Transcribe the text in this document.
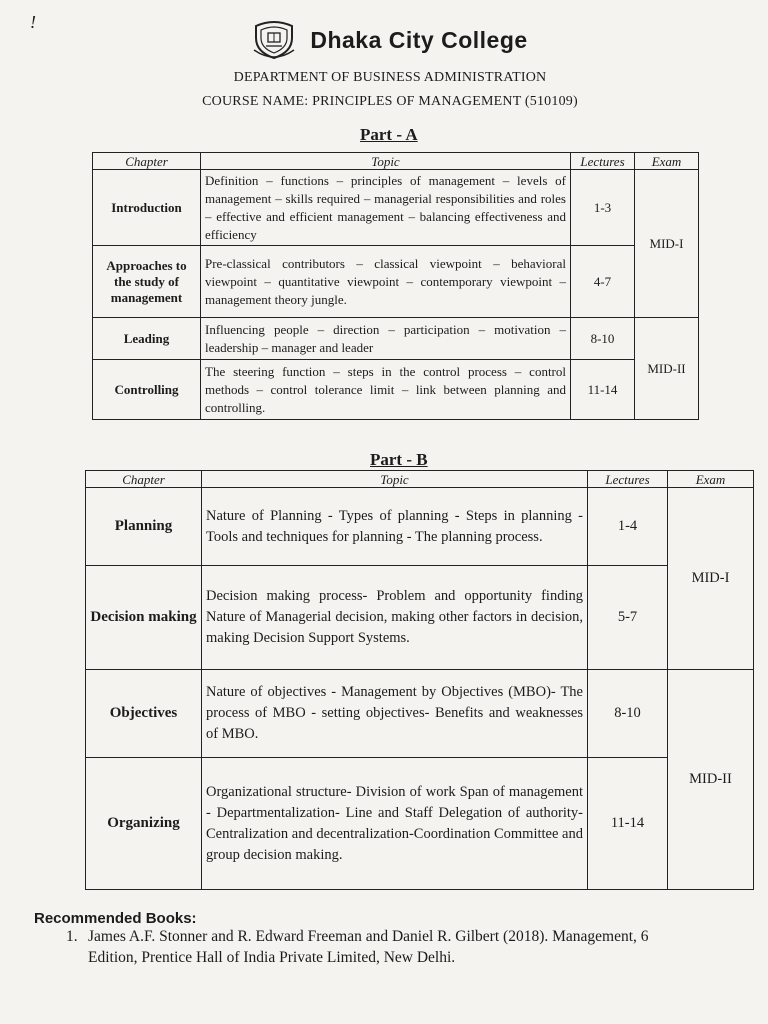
!
Dhaka City College
DEPARTMENT OF BUSINESS ADMINISTRATION
COURSE NAME: PRINCIPLES OF MANAGEMENT (510109)
Part - A
Chapter	Topic	Lectures	Exam
Introduction	Definition – functions – principles of management – levels of management – skills required – managerial responsibilities and roles – effective and efficient management – balancing effectiveness and efficiency	1-3	MID-I
Approaches to the study of management	Pre-classical contributors – classical viewpoint – behavioral viewpoint – quantitative viewpoint – contemporary viewpoint – management theory jungle.	4-7	
Leading	Influencing people – direction – participation – motivation – leadership – manager and leader	8-10	MID-II
Controlling	The steering function – steps in the control process – control methods – control tolerance limit – link between planning and controlling.	11-14	
Part - B
Chapter	Topic	Lectures	Exam
Planning	Nature of Planning - Types of planning - Steps in planning - Tools and techniques for planning - The planning process.	1-4	MID-I
Decision making	Decision making process- Problem and opportunity finding Nature of Managerial decision, making other factors in decision, making Decision Support Systems.	5-7	
Objectives	Nature of objectives - Management by Objectives (MBO)- The process of MBO - setting objectives- Benefits and weaknesses of MBO.	8-10	MID-II
Organizing	Organizational structure- Division of work Span of management - Departmentalization- Line and Staff Delegation of authority- Centralization and decentralization-Coordination Committee and group decision making.	11-14	
Recommended Books:
1. James A.F. Stonner and R. Edward Freeman and Daniel R. Gilbert (2018). Management, 6
Edition, Prentice Hall of India Private Limited, New Delhi.
